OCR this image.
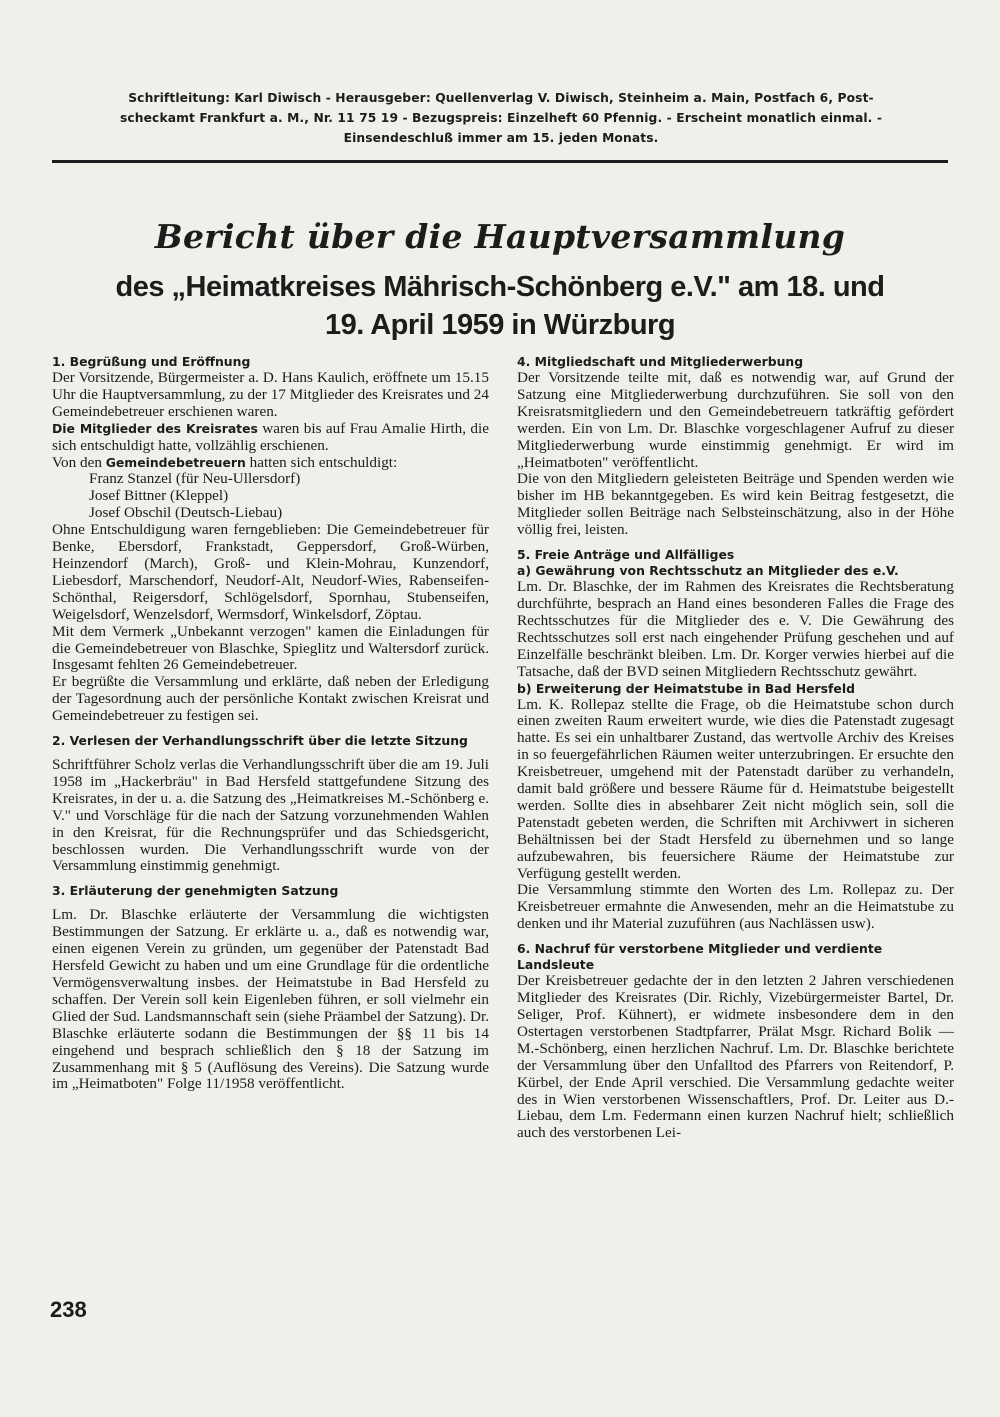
Schriftleitung: Karl Diwisch - Herausgeber: Quellenverlag V. Diwisch, Steinheim a. Main, Postfach 6, Post-
scheckamt Frankfurt a. M., Nr. 11 75 19 - Bezugspreis: Einzelheft 60 Pfennig. - Erscheint monatlich einmal. -
Einsendeschluß immer am 15. jeden Monats.
Bericht über die Hauptversammlung
des „Heimatkreises Mährisch-Schönberg e.V." am 18. und
19. April 1959 in Würzburg
1. Begrüßung und Eröffnung

Der Vorsitzende, Bürgermeister a. D. Hans Kaulich, eröffnete um 15.15 Uhr die Hauptversammlung, zu der 17 Mitglieder des Kreisrates und 24 Gemeindebetreuer erschienen waren.

Die Mitglieder des Kreisrates waren bis auf Frau Amalie Hirth, die sich entschuldigt hatte, vollzählig erschienen.

Von den Gemeindebetreuern hatten sich entschuldigt:

Franz Stanzel (für Neu-Ullersdorf)

Josef Bittner (Kleppel)

Josef Obschil (Deutsch-Liebau)

Ohne Entschuldigung waren ferngeblieben: Die Gemeindebetreuer für Benke, Ebersdorf, Frankstadt, Geppersdorf, Groß-Würben, Heinzendorf (March), Groß- und Klein-Mohrau, Kunzendorf, Liebesdorf, Marschendorf, Neudorf-Alt, Neudorf-Wies, Rabenseifen-Schönthal, Reigersdorf, Schlögelsdorf, Spornhau, Stubenseifen, Weigelsdorf, Wenzelsdorf, Wermsdorf, Winkelsdorf, Zöptau.

Mit dem Vermerk „Unbekannt verzogen" kamen die Einladungen für die Gemeindebetreuer von Blaschke, Spieglitz und Waltersdorf zurück. Insgesamt fehlten 26 Gemeindebetreuer.

Er begrüßte die Versammlung und erklärte, daß neben der Erledigung der Tagesordnung auch der persönliche Kontakt zwischen Kreisrat und Gemeindebetreuer zu festigen sei.

2. Verlesen der Verhandlungsschrift über die letzte Sitzung

Schriftführer Scholz verlas die Verhandlungsschrift über die am 19. Juli 1958 im „Hackerbräu" in Bad Hersfeld stattgefundene Sitzung des Kreisrates, in der u. a. die Satzung des „Heimatkreises M.-Schönberg e. V." und Vorschläge für die nach der Satzung vorzunehmenden Wahlen in den Kreisrat, für die Rechnungsprüfer und das Schiedsgericht, beschlossen wurden. Die Verhandlungsschrift wurde von der Versammlung einstimmig genehmigt.

3. Erläuterung der genehmigten Satzung

Lm. Dr. Blaschke erläuterte der Versammlung die wichtigsten Bestimmungen der Satzung. Er erklärte u. a., daß es notwendig war, einen eigenen Verein zu gründen, um gegenüber der Patenstadt Bad Hersfeld Gewicht zu haben und um eine Grundlage für die ordentliche Vermögensverwaltung insbes. der Heimatstube in Bad Hersfeld zu schaffen. Der Verein soll kein Eigenleben führen, er soll vielmehr ein Glied der Sud. Landsmannschaft sein (siehe Präambel der Satzung). Dr. Blaschke erläuterte sodann die Bestimmungen der §§ 11 bis 14 eingehend und besprach schließlich den § 18 der Satzung im Zusammenhang mit § 5 (Auflösung des Vereins). Die Satzung wurde im „Heimatboten" Folge 11/1958 veröffentlicht.

4. Mitgliedschaft und Mitgliederwerbung

Der Vorsitzende teilte mit, daß es notwendig war, auf Grund der Satzung eine Mitgliederwerbung durchzuführen. Sie soll von den Kreisratsmitgliedern und den Gemeindebetreuern tatkräftig gefördert werden. Ein von Lm. Dr. Blaschke vorgeschlagener Aufruf zu dieser Mitgliederwerbung wurde einstimmig genehmigt. Er wird im „Heimatboten" veröffentlicht.

Die von den Mitgliedern geleisteten Beiträge und Spenden werden wie bisher im HB bekanntgegeben. Es wird kein Beitrag festgesetzt, die Mitglieder sollen Beiträge nach Selbsteinschätzung, also in der Höhe völlig frei, leisten.

5. Freie Anträge und Allfälliges
a) Gewährung von Rechtsschutz an Mitglieder des e.V.

Lm. Dr. Blaschke, der im Rahmen des Kreisrates die Rechtsberatung durchführte, besprach an Hand eines besonderen Falles die Frage des Rechtsschutzes für die Mitglieder des e. V. Die Gewährung des Rechtsschutzes soll erst nach eingehender Prüfung geschehen und auf Einzelfälle beschränkt bleiben. Lm. Dr. Korger verwies hierbei auf die Tatsache, daß der BVD seinen Mitgliedern Rechtsschutz gewährt.

b) Erweiterung der Heimatstube in Bad Hersfeld

Lm. K. Rollepaz stellte die Frage, ob die Heimatstube schon durch einen zweiten Raum erweitert wurde, wie dies die Patenstadt zugesagt hatte. Es sei ein unhaltbarer Zustand, das wertvolle Archiv des Kreises in so feuergefährlichen Räumen weiter unterzubringen. Er ersuchte den Kreisbetreuer, umgehend mit der Patenstadt darüber zu verhandeln, damit bald größere und bessere Räume für d. Heimatstube beigestellt werden. Sollte dies in absehbarer Zeit nicht möglich sein, soll die Patenstadt gebeten werden, die Schriften mit Archivwert in sicheren Behältnissen bei der Stadt Hersfeld zu übernehmen und so lange aufzubewahren, bis feuersichere Räume der Heimatstube zur Verfügung gestellt werden.

Die Versammlung stimmte den Worten des Lm. Rollepaz zu. Der Kreisbetreuer ermahnte die Anwesenden, mehr an die Heimatstube zu denken und ihr Material zuzuführen (aus Nachlässen usw).

6. Nachruf für verstorbene Mitglieder und verdiente Landsleute

Der Kreisbetreuer gedachte der in den letzten 2 Jahren verschiedenen Mitglieder des Kreisrates (Dir. Richly, Vizebürgermeister Bartel, Dr. Seliger, Prof. Kühnert), er widmete insbesondere dem in den Ostertagen verstorbenen Stadtpfarrer, Prälat Msgr. Richard Bolik — M.-Schönberg, einen herzlichen Nachruf. Lm. Dr. Blaschke berichtete der Versammlung über den Unfalltod des Pfarrers von Reitendorf, P. Kürbel, der Ende April verschied. Die Versammlung gedachte weiter des in Wien verstorbenen Wissenschaftlers, Prof. Dr. Leiter aus D.-Liebau, dem Lm. Federmann einen kurzen Nachruf hielt; schließlich auch des verstorbenen Lei-

238
